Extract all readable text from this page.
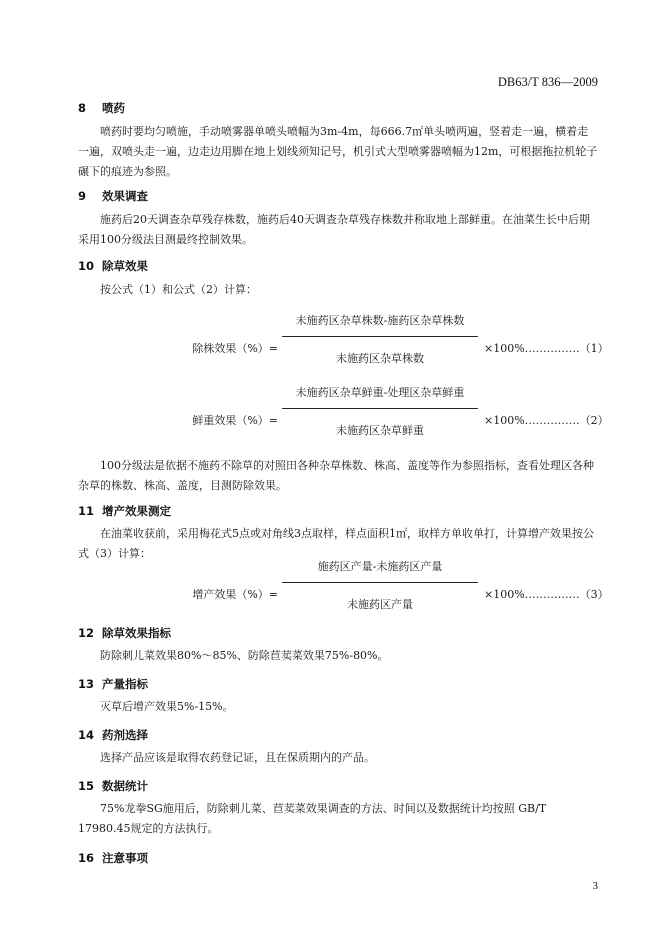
DB63/T 836—2009
8 喷药

喷药时要均匀喷施，手动喷雾器单喷头喷幅为3m-4m，每666.7㎡单头喷两遍，竖着走一遍，横着走一遍，双喷头走一遍，边走边用脚在地上划线须知记号，机引式大型喷雾器喷幅为12m，可根据拖拉机轮子碾下的痕迹为参照。

9 效果调查

施药后20天调查杂草残存株数，施药后40天调查杂草残存株数并称取地上部鲜重。在油菜生长中后期采用100分级法目测最终控制效果。

10 除草效果

按公式（1）和公式（2）计算：

除株效果（%）=
未施药区杂草株数-施药区杂草株数
未施药区杂草株数
×100%……………（1）
鲜重效果（%）=
未施药区杂草鲜重-处理区杂草鲜重
未施药区杂草鲜重
×100%……………（2）

100分级法是依据不施药不除草的对照田各种杂草株数、株高、盖度等作为参照指标，查看处理区各种杂草的株数、株高、盖度，目测防除效果。

11 增产效果测定

在油菜收获前，采用梅花式5点或对角线3点取样，样点面积1㎡，取样方单收单打，计算增产效果按公式（3）计算：

增产效果（%）=
施药区产量-未施药区产量
未施药区产量
×100%……………（3）
12 除草效果指标

防除刺儿菜效果80%～85%、防除苣荬菜效果75%-80%。

13 产量指标

灭草后增产效果5%-15%。

14 药剂选择

选择产品应该是取得农药登记证，且在保质期内的产品。

15 数据统计

75%龙拳SG施用后，防除刺儿菜、苣荬菜效果调查的方法、时间以及数据统计均按照 GB/T 17980.45规定的方法执行。

16 注意事项
3
